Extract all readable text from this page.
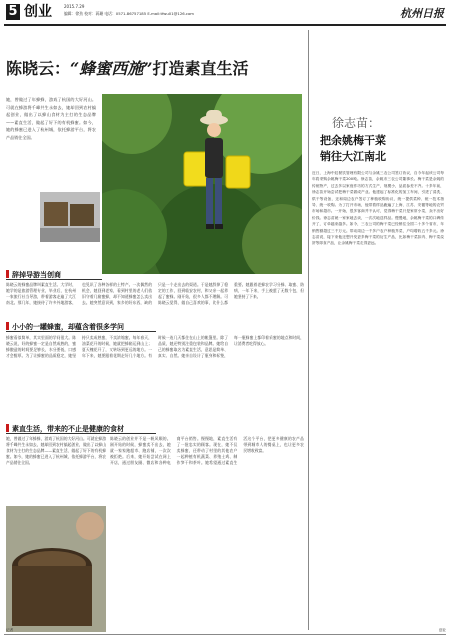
5 创业	2015.7.29
编辑：徐劲 校对：蒋珊 电话：0571-86757185 E-mail:tfwu01@126.com	杭州日报
陈晓云：“蜂蜜西施”打造素直生活
她，曾做过了年蜂蜂，游戏了杭国的大好河山。可就在蜂游将千峰共生永如去，她却回到农村搞起创业，做出了以蜂山食材为主打的生态品牌——素直生活，做起了好下的有机蜂蜜。如今，她的蜂蜜已进入了杭州城，依托蜂游平台，将农产品销往全国。
徐志苗：
把余姚梅干菜
销往大江南北
近日，上海中虹餐饮管理有限公司与余姚三农公司签订协议，自今年起该公司每年将采购余姚梅干菜200吨。徐志苗，余姚市三农公司董事长。梅干菜是余姚的传统特产，过去多以家庭作坊的方式生产，规模小，品质参差不齐。十多年前，徐志苗开始尝试把梅干菜做成产业。他建起了标准化的加工车间，引进了清洗、烘干等设备，还和周边农户签订了种植收购协议，统一提供菜种、统一技术指导、统一收购。为了打开市场，他带着样品跑遍了上海、江苏、安徽等地的农贸市场和超市。一开始，很多客商并不认可，觉得梅干菜只是家常小菜，卖不出好价钱。徐志苗就一家家地去谈，一次次地送样品。慢慢地，余姚梅干菜的口碑传开了，订单越来越多。如今，三农公司的梅干菜已经销往全国二十多个省市，年销售额超过三千万元。带动周边一千多户农户种植芥菜，户均增收五千多元。徐志苗说，接下来他还想开发更多梅干菜的衍生产品，比如梅干菜扣肉、梅干菜烧饼等即食产品，让余姚梅干菜走得更远。
辞掉导游当创商
陈晓云的蜂蜜品牌叫素直生活。大学时，她学的是旅游管理专业，毕业后，在杭州一家旅行社当导游，带着游客走遍了大江南北。那几年，她接待了许多外地游客，也见识了各种各样的土特产。一次偶然的机会，她回到老家，看到村里的老人们依旧守着几箱蜜蜂，却不知道蜂蜜怎么卖出去。她突然意识到，家乡的好东西，缺的只是一个走出去的渠道。于是她辞掉了稳定的工作，回到临安农村，和父亲一起养起了蜜蜂。刚开始，很多人都不理解。可陈晓云觉得，做自己喜欢的事，比什么都重要。她跟着老蜂农学习分蜂、取蜜、防病，一年下来，手上被蜇了无数个包，但她坚持了下来。
小小的一罐蜂蜜，却蕴含着很多学问
蜂蜜看似简单，其实里面的学问很大。陈晓云说，好的蜂蜜一定是自然成熟的，蜜蜂酿造的时间要足够长，水分要低，口感才会醇厚。为了让蜂蜜的品质稳定，她坚持只卖成熟蜜，不卖浓缩蜜。每年春天，油菜花开的时候，她就把蜂箱运到山上；夏天槐花开了，又转场到更远的地方。一年下来，她要跟着花期走好几个地方。有时候一连几天都住在山上的帐篷里。除了品质，她还特别注重包装和品牌。她给自己的蜂蜜取名为素直生活，意思是简单、真实、自然。她亲自设计了瓶身和标签，每一瓶蜂蜜上都印着采蜜的地点和时间，让消费者吃得放心。
素直生活，带来的不止是健康的食材
陈晓云的创业并不是一帆风顺的。刚开始的时候，蜂蜜卖不出去，她就一家家跑超市、跑店铺，一次次被拒绝。后来，她开始尝试在网上开店，通过朋友圈、微店和各种电商平台销售。慢慢地，素直生活有了一批忠实的顾客。现在，她不仅卖蜂蜜，还带动了村里的其他农户一起种植有机蔬菜、养殖土鸡、制作笋干和茶叶。她希望通过素直生活这个平台，把更多健康的农产品带到城市人的餐桌上，也让更多农民增收致富。
她，曾做过了年蜂蜂，游戏了杭国的大好河山。可就在蜂游将千峰共生永如去，她却回到农村搞起创业，做出了以蜂山食材为主打的生态品牌——素直生活，做起了好下的有机蜂蜜。如今，她的蜂蜜已进入了杭州城，依托蜂游平台，将农产品销往全国。
记者	创业
